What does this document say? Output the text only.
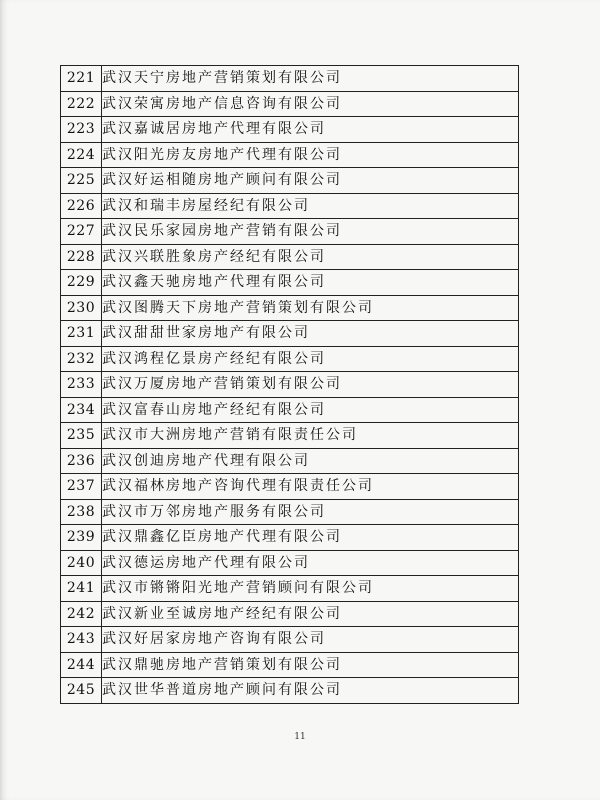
221	武汉天宁房地产营销策划有限公司
222	武汉荣寓房地产信息咨询有限公司
223	武汉嘉诚居房地产代理有限公司
224	武汉阳光房友房地产代理有限公司
225	武汉好运相随房地产顾问有限公司
226	武汉和瑞丰房屋经纪有限公司
227	武汉民乐家园房地产营销有限公司
228	武汉兴联胜象房产经纪有限公司
229	武汉鑫天驰房地产代理有限公司
230	武汉图腾天下房地产营销策划有限公司
231	武汉甜甜世家房地产有限公司
232	武汉鸿程亿景房产经纪有限公司
233	武汉万厦房地产营销策划有限公司
234	武汉富春山房地产经纪有限公司
235	武汉市大洲房地产营销有限责任公司
236	武汉创迪房地产代理有限公司
237	武汉福林房地产咨询代理有限责任公司
238	武汉市万邻房地产服务有限公司
239	武汉鼎鑫亿臣房地产代理有限公司
240	武汉德运房地产代理有限公司
241	武汉市锵锵阳光地产营销顾问有限公司
242	武汉新业至诚房地产经纪有限公司
243	武汉好居家房地产咨询有限公司
244	武汉鼎驰房地产营销策划有限公司
245	武汉世华普道房地产顾问有限公司
11
